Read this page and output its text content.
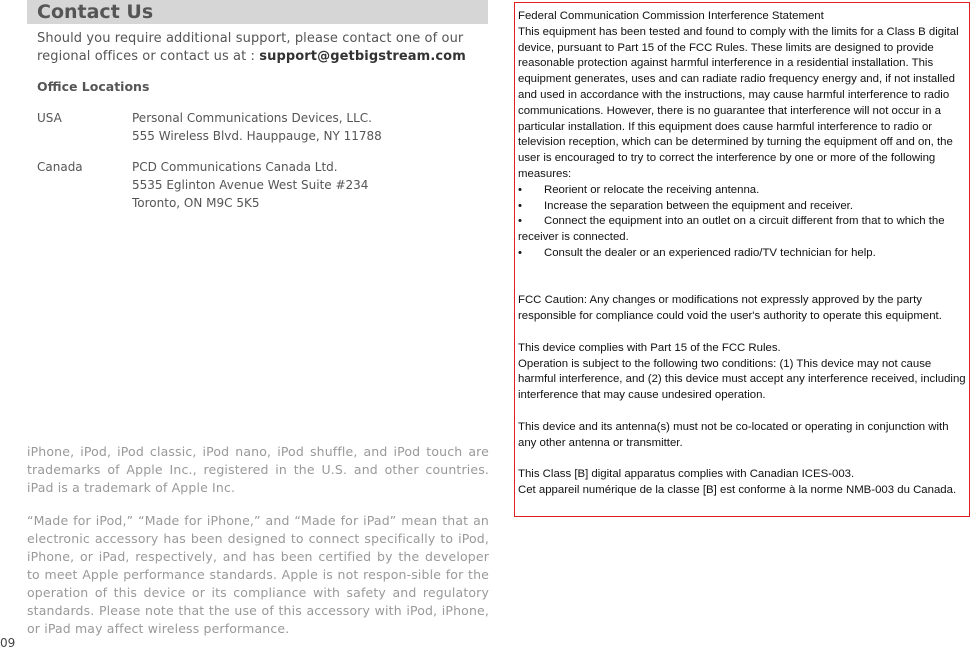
Contact Us
Should you require additional support, please contact one of our regional offices or contact us at : support@getbigstream.com
Office Locations
USA	Personal Communications Devices, LLC.
555 Wireless Blvd. Hauppauge, NY 11788
Canada	PCD Communications Canada Ltd.
5535 Eglinton Avenue West Suite #234
Toronto, ON M9C 5K5
iPhone, iPod, iPod classic, iPod nano, iPod shuffle, and iPod touch are trademarks of Apple Inc., registered in the U.S. and other countries. iPad is a trademark of Apple Inc.
“Made for iPod,” “Made for iPhone,” and “Made for iPad” mean that an electronic accessory has been designed to connect specifically to iPod, iPhone, or iPad, respectively, and has been certified by the developer to meet Apple performance standards. Apple is not respon-sible for the operation of this device or its compliance with safety and regulatory standards. Please note that the use of this accessory with iPod, iPhone, or iPad may affect wireless performance.
09
Federal Communication Commission Interference Statement
This equipment has been tested and found to comply with the limits for a Class B digital device, pursuant to Part 15 of the FCC Rules. These limits are designed to provide reasonable protection against harmful interference in a residential installation. This equipment generates, uses and can radiate radio frequency energy and, if not installed and used in accordance with the instructions, may cause harmful interference to radio communications. However, there is no guarantee that interference will not occur in a particular installation. If this equipment does cause harmful interference to radio or television reception, which can be determined by turning the equipment off and on, the user is encouraged to try to correct the interference by one or more of the following measures:
• Reorient or relocate the receiving antenna.
• Increase the separation between the equipment and receiver.
• Connect the equipment into an outlet on a circuit different from that to which the receiver is connected.
• Consult the dealer or an experienced radio/TV technician for help.

FCC Caution: Any changes or modifications not expressly approved by the party responsible for compliance could void the user's authority to operate this equipment.

This device complies with Part 15 of the FCC Rules.

Operation is subject to the following two conditions: (1) This device may not cause harmful interference, and (2) this device must accept any interference received, including interference that may cause undesired operation.

This device and its antenna(s) must not be co-located or operating in conjunction with any other antenna or transmitter.

This Class [B] digital apparatus complies with Canadian ICES-003.
Cet appareil numérique de la classe [B] est conforme à la norme NMB-003 du Canada.
